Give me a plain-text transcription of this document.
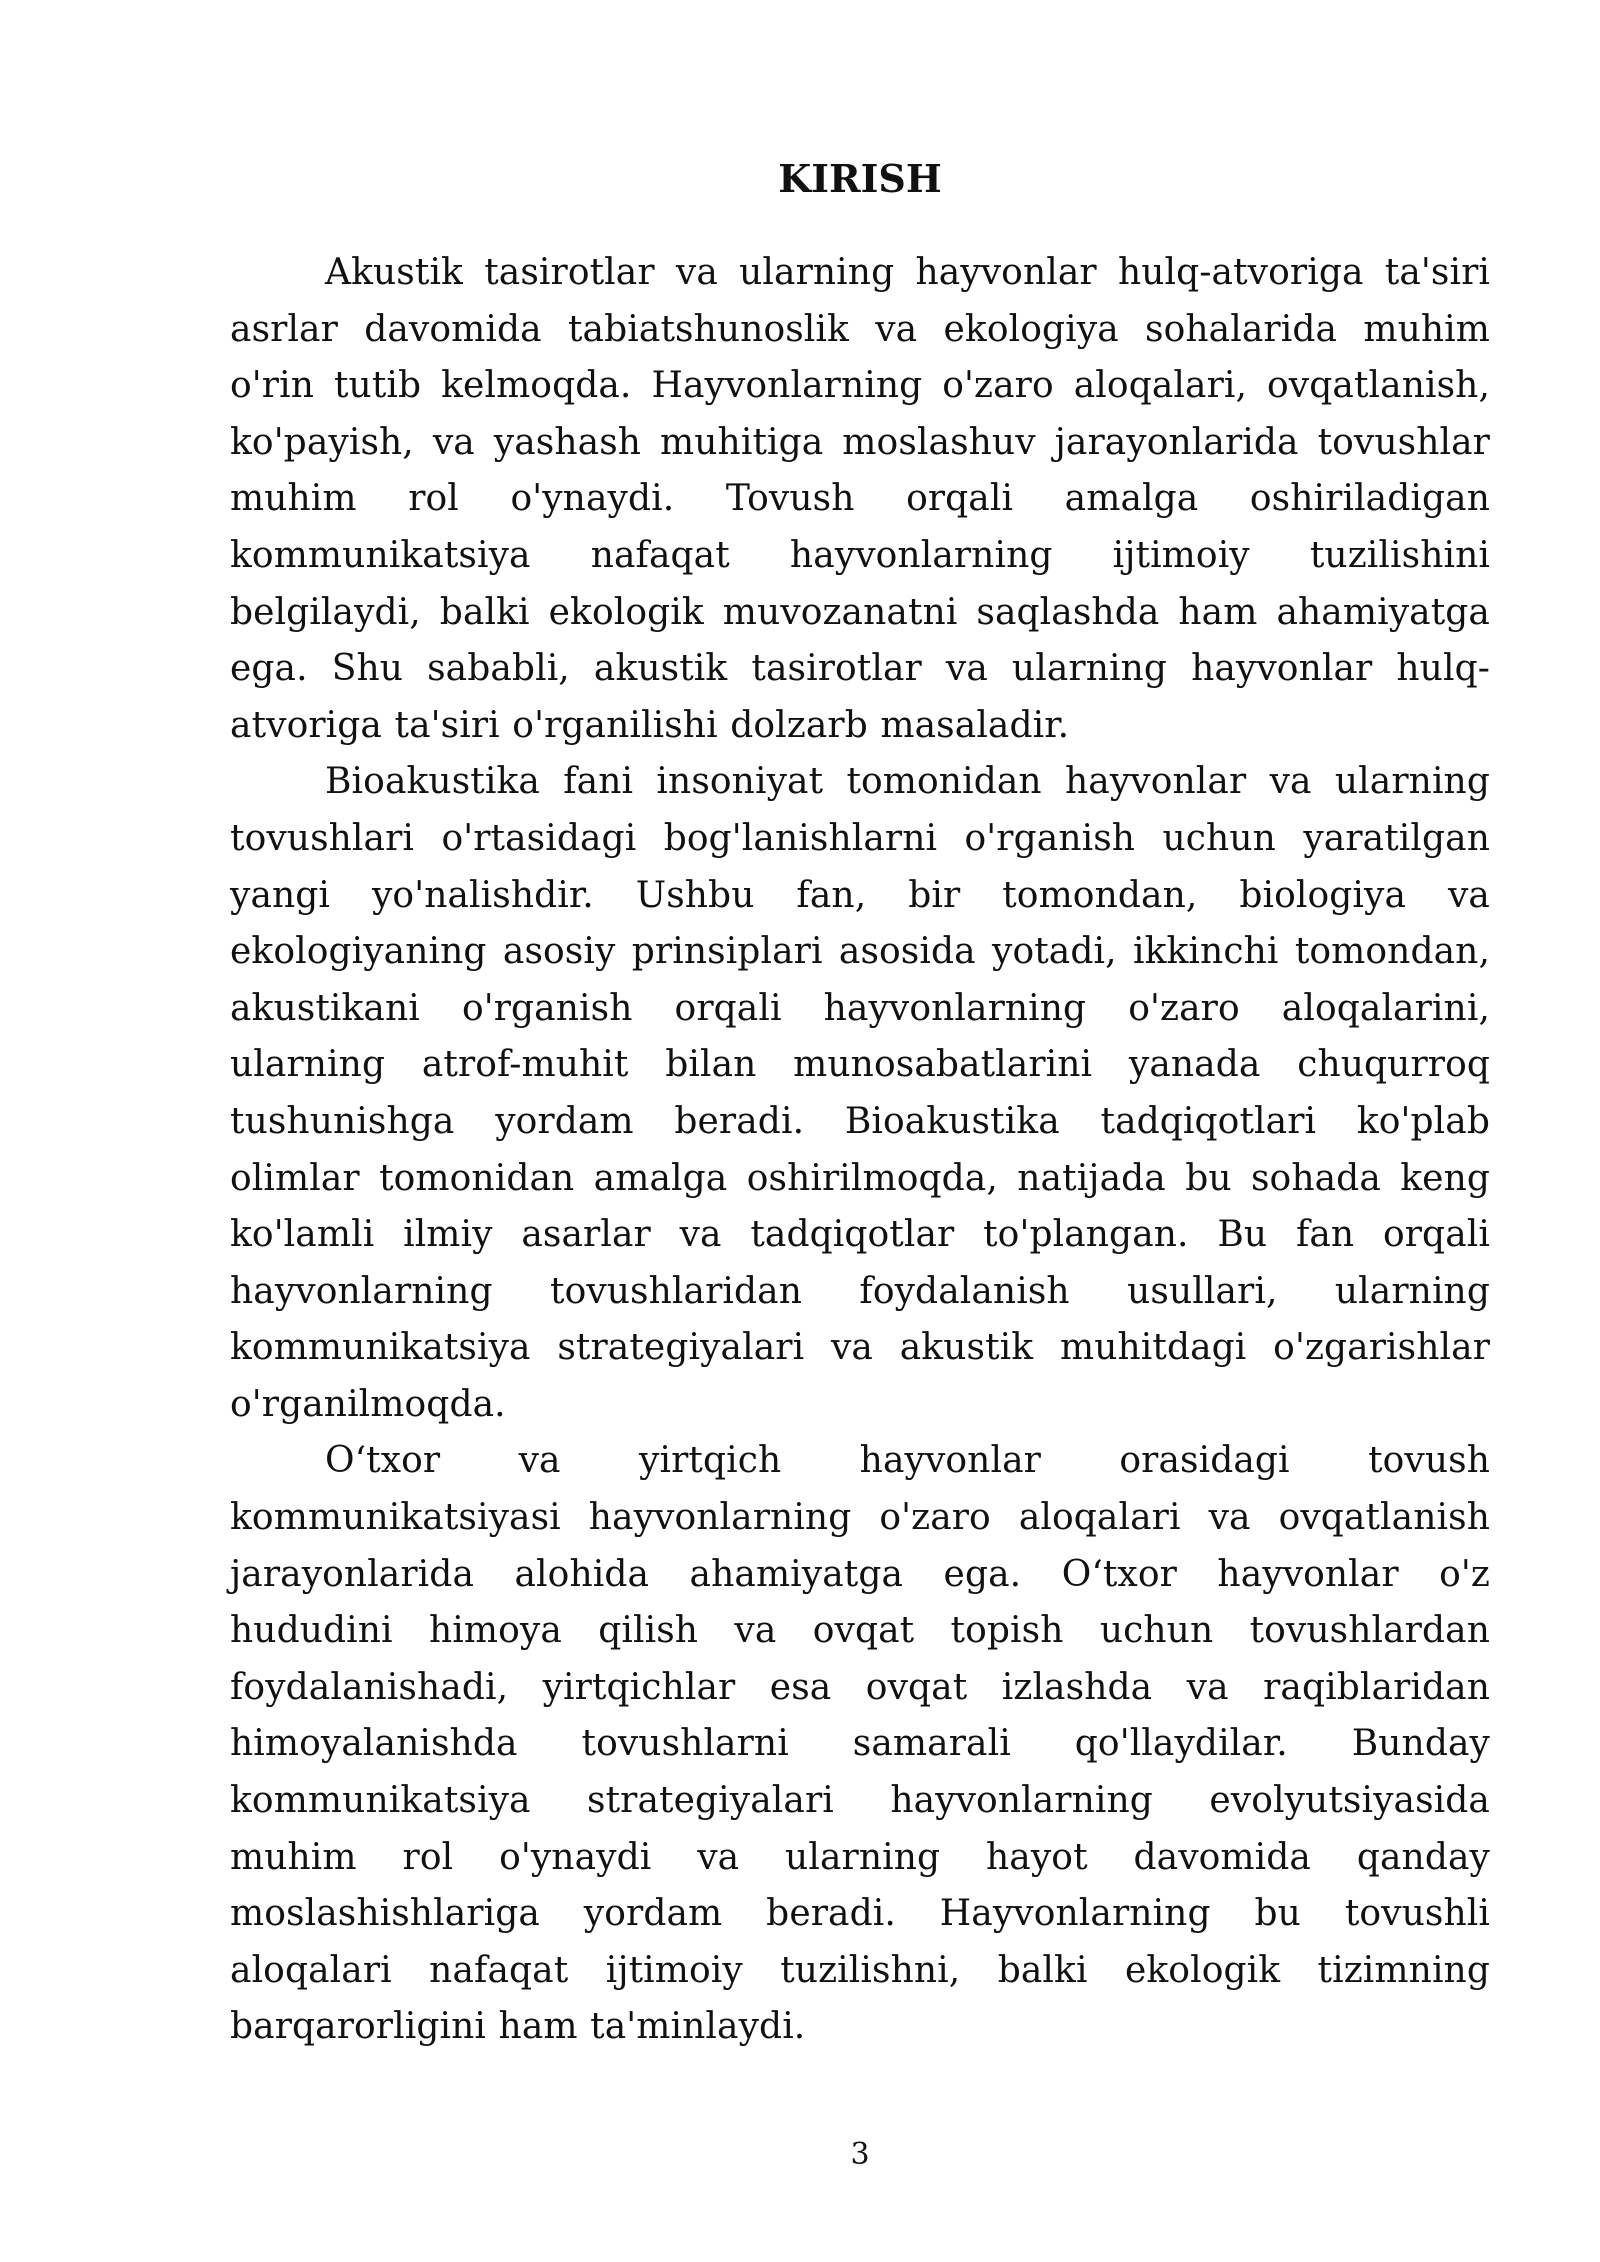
KIRISH

Akustik tasirotlar va ularning hayvonlar hulq-atvoriga ta'siri asrlar davomida tabiatshunoslik va ekologiya sohalarida muhim o'rin tutib kelmoqda. Hayvonlarning o'zaro aloqalari, ovqatlanish, ko'payish, va yashash muhitiga moslashuv jarayonlarida tovushlar muhim rol o'ynaydi. Tovush orqali amalga oshiriladigan kommunikatsiya nafaqat hayvonlarning ijtimoiy tuzilishini belgilaydi, balki ekologik muvozanatni saqlashda ham ahamiyatga ega. Shu sababli, akustik tasirotlar va ularning hayvonlar hulq-atvoriga ta'siri o'rganilishi dolzarb masaladir.

Bioakustika fani insoniyat tomonidan hayvonlar va ularning tovushlari o'rtasidagi bog'lanishlarni o'rganish uchun yaratilgan yangi yo'nalishdir. Ushbu fan, bir tomondan, biologiya va ekologiyaning asosiy prinsiplari asosida yotadi, ikkinchi tomondan, akustikani o'rganish orqali hayvonlarning o'zaro aloqalarini, ularning atrof-muhit bilan munosabatlarini yanada chuqurroq tushunishga yordam beradi. Bioakustika tadqiqotlari ko'plab olimlar tomonidan amalga oshirilmoqda, natijada bu sohada keng ko'lamli ilmiy asarlar va tadqiqotlar to'plangan. Bu fan orqali hayvonlarning tovushlaridan foydalanish usullari, ularning kommunikatsiya strategiyalari va akustik muhitdagi o'zgarishlar o'rganilmoqda.

O‘txor va yirtqich hayvonlar orasidagi tovush kommunikatsiyasi hayvonlarning o'zaro aloqalari va ovqatlanish jarayonlarida alohida ahamiyatga ega. O‘txor hayvonlar o'z hududini himoya qilish va ovqat topish uchun tovushlardan foydalanishadi, yirtqichlar esa ovqat izlashda va raqiblaridan himoyalanishda tovushlarni samarali qo'llaydilar. Bunday kommunikatsiya strategiyalari hayvonlarning evolyutsiyasida muhim rol o'ynaydi va ularning hayot davomida qanday moslashishlariga yordam beradi. Hayvonlarning bu tovushli aloqalari nafaqat ijtimoiy tuzilishni, balki ekologik tizimning barqarorligini ham ta'minlaydi.

3
